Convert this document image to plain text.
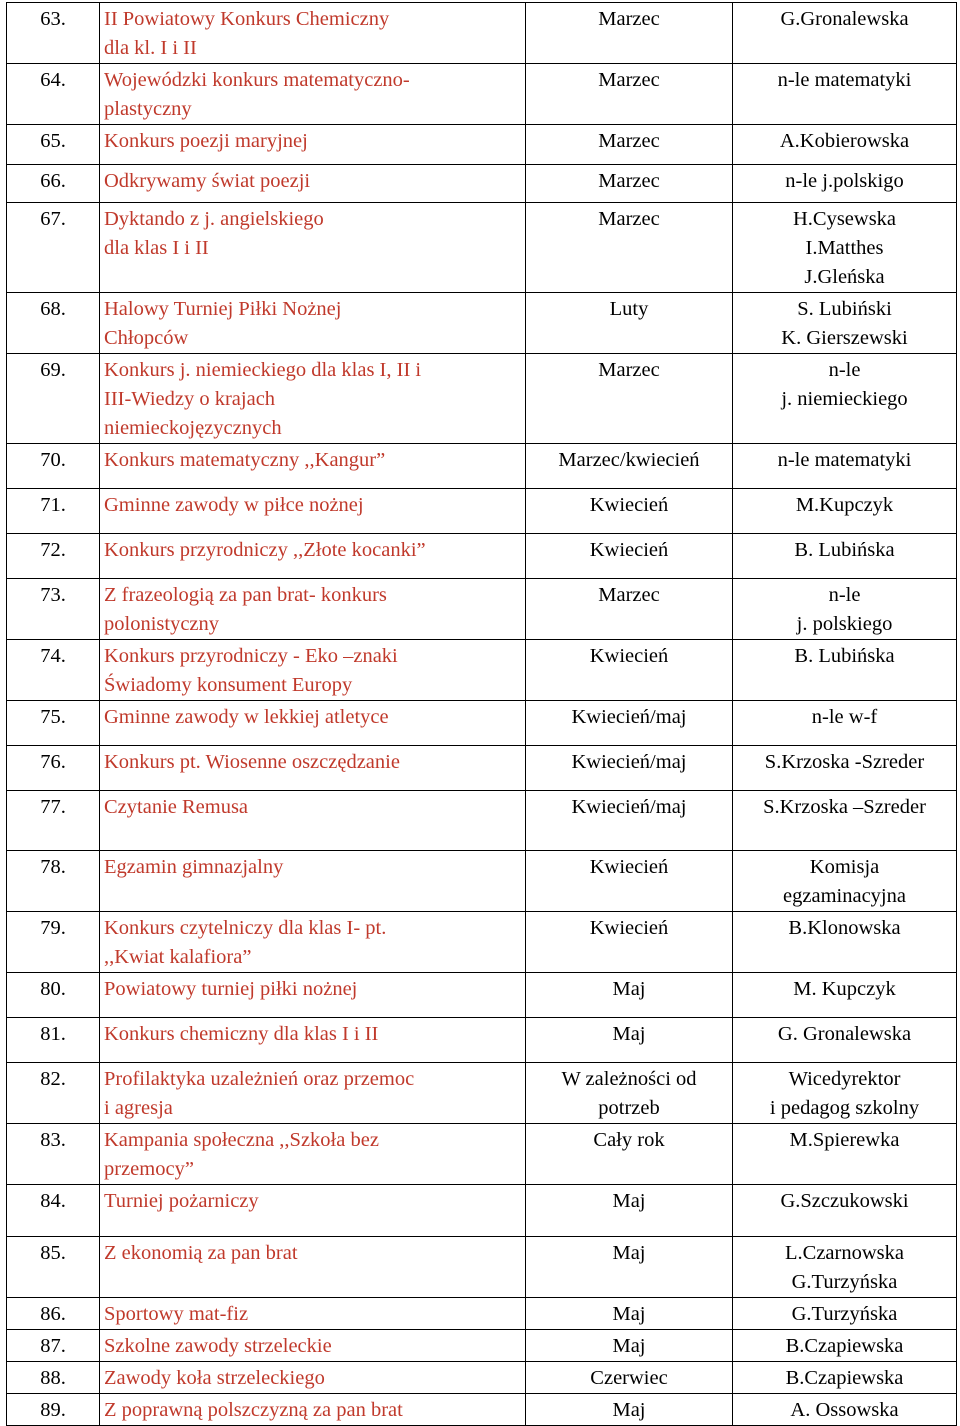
63.	II Powiatowy Konkurs Chemiczny
dla kl. I i II	Marzec	G.Gronalewska

64.	Wojewódzki konkurs matematyczno-
plastyczny	Marzec	n-le matematyki

65.	Konkurs poezji maryjnej	Marzec	A.Kobierowska

66.	Odkrywamy świat poezji	Marzec	n-le j.polskigo

67.	Dyktando z j. angielskiego
dla klas I i II	Marzec	H.Cysewska
I.Matthes
J.Gleńska

68.	Halowy Turniej Piłki Nożnej
Chłopców	Luty	S. Lubiński
K. Gierszewski

69.	Konkurs j. niemieckiego dla klas I, II i
III-Wiedzy o krajach
niemieckojęzycznych	Marzec	n-le
j. niemieckiego

70.	Konkurs matematyczny ,,Kangur”	Marzec/kwiecień	n-le matematyki

71.	Gminne zawody w piłce nożnej	Kwiecień	M.Kupczyk

72.	Konkurs przyrodniczy ,,Złote kocanki”	Kwiecień	B. Lubińska

73.	Z frazeologią za pan brat- konkurs
polonistyczny	Marzec	n-le
j. polskiego

74.	Konkurs przyrodniczy - Eko –znaki
Świadomy konsument Europy	Kwiecień	B. Lubińska

75.	Gminne zawody w lekkiej atletyce	Kwiecień/maj	n-le w-f

76.	Konkurs pt. Wiosenne oszczędzanie	Kwiecień/maj	S.Krzoska -Szreder

77.	Czytanie Remusa	Kwiecień/maj	S.Krzoska –Szreder

78.	Egzamin gimnazjalny	Kwiecień	Komisja
egzaminacyjna

79.	Konkurs czytelniczy dla klas I- pt.
,,Kwiat kalafiora”	Kwiecień	B.Klonowska

80.	Powiatowy turniej piłki nożnej	Maj	M. Kupczyk

81.	Konkurs chemiczny dla klas I i II	Maj	G. Gronalewska

82.	Profilaktyka uzależnień oraz przemoc
i agresja	W zależności od
potrzeb	Wicedyrektor
i pedagog szkolny

83.	Kampania społeczna ,,Szkoła bez
przemocy”	Cały rok	M.Spierewka

84.	Turniej pożarniczy	Maj	G.Szczukowski

85.	Z ekonomią za pan brat	Maj	L.Czarnowska
G.Turzyńska

86.	Sportowy mat-fiz	Maj	G.Turzyńska

87.	Szkolne zawody strzeleckie	Maj	B.Czapiewska

88.	Zawody koła strzeleckiego	Czerwiec	B.Czapiewska

89.	Z poprawną polszczyzną za pan brat	Maj	A. Ossowska
